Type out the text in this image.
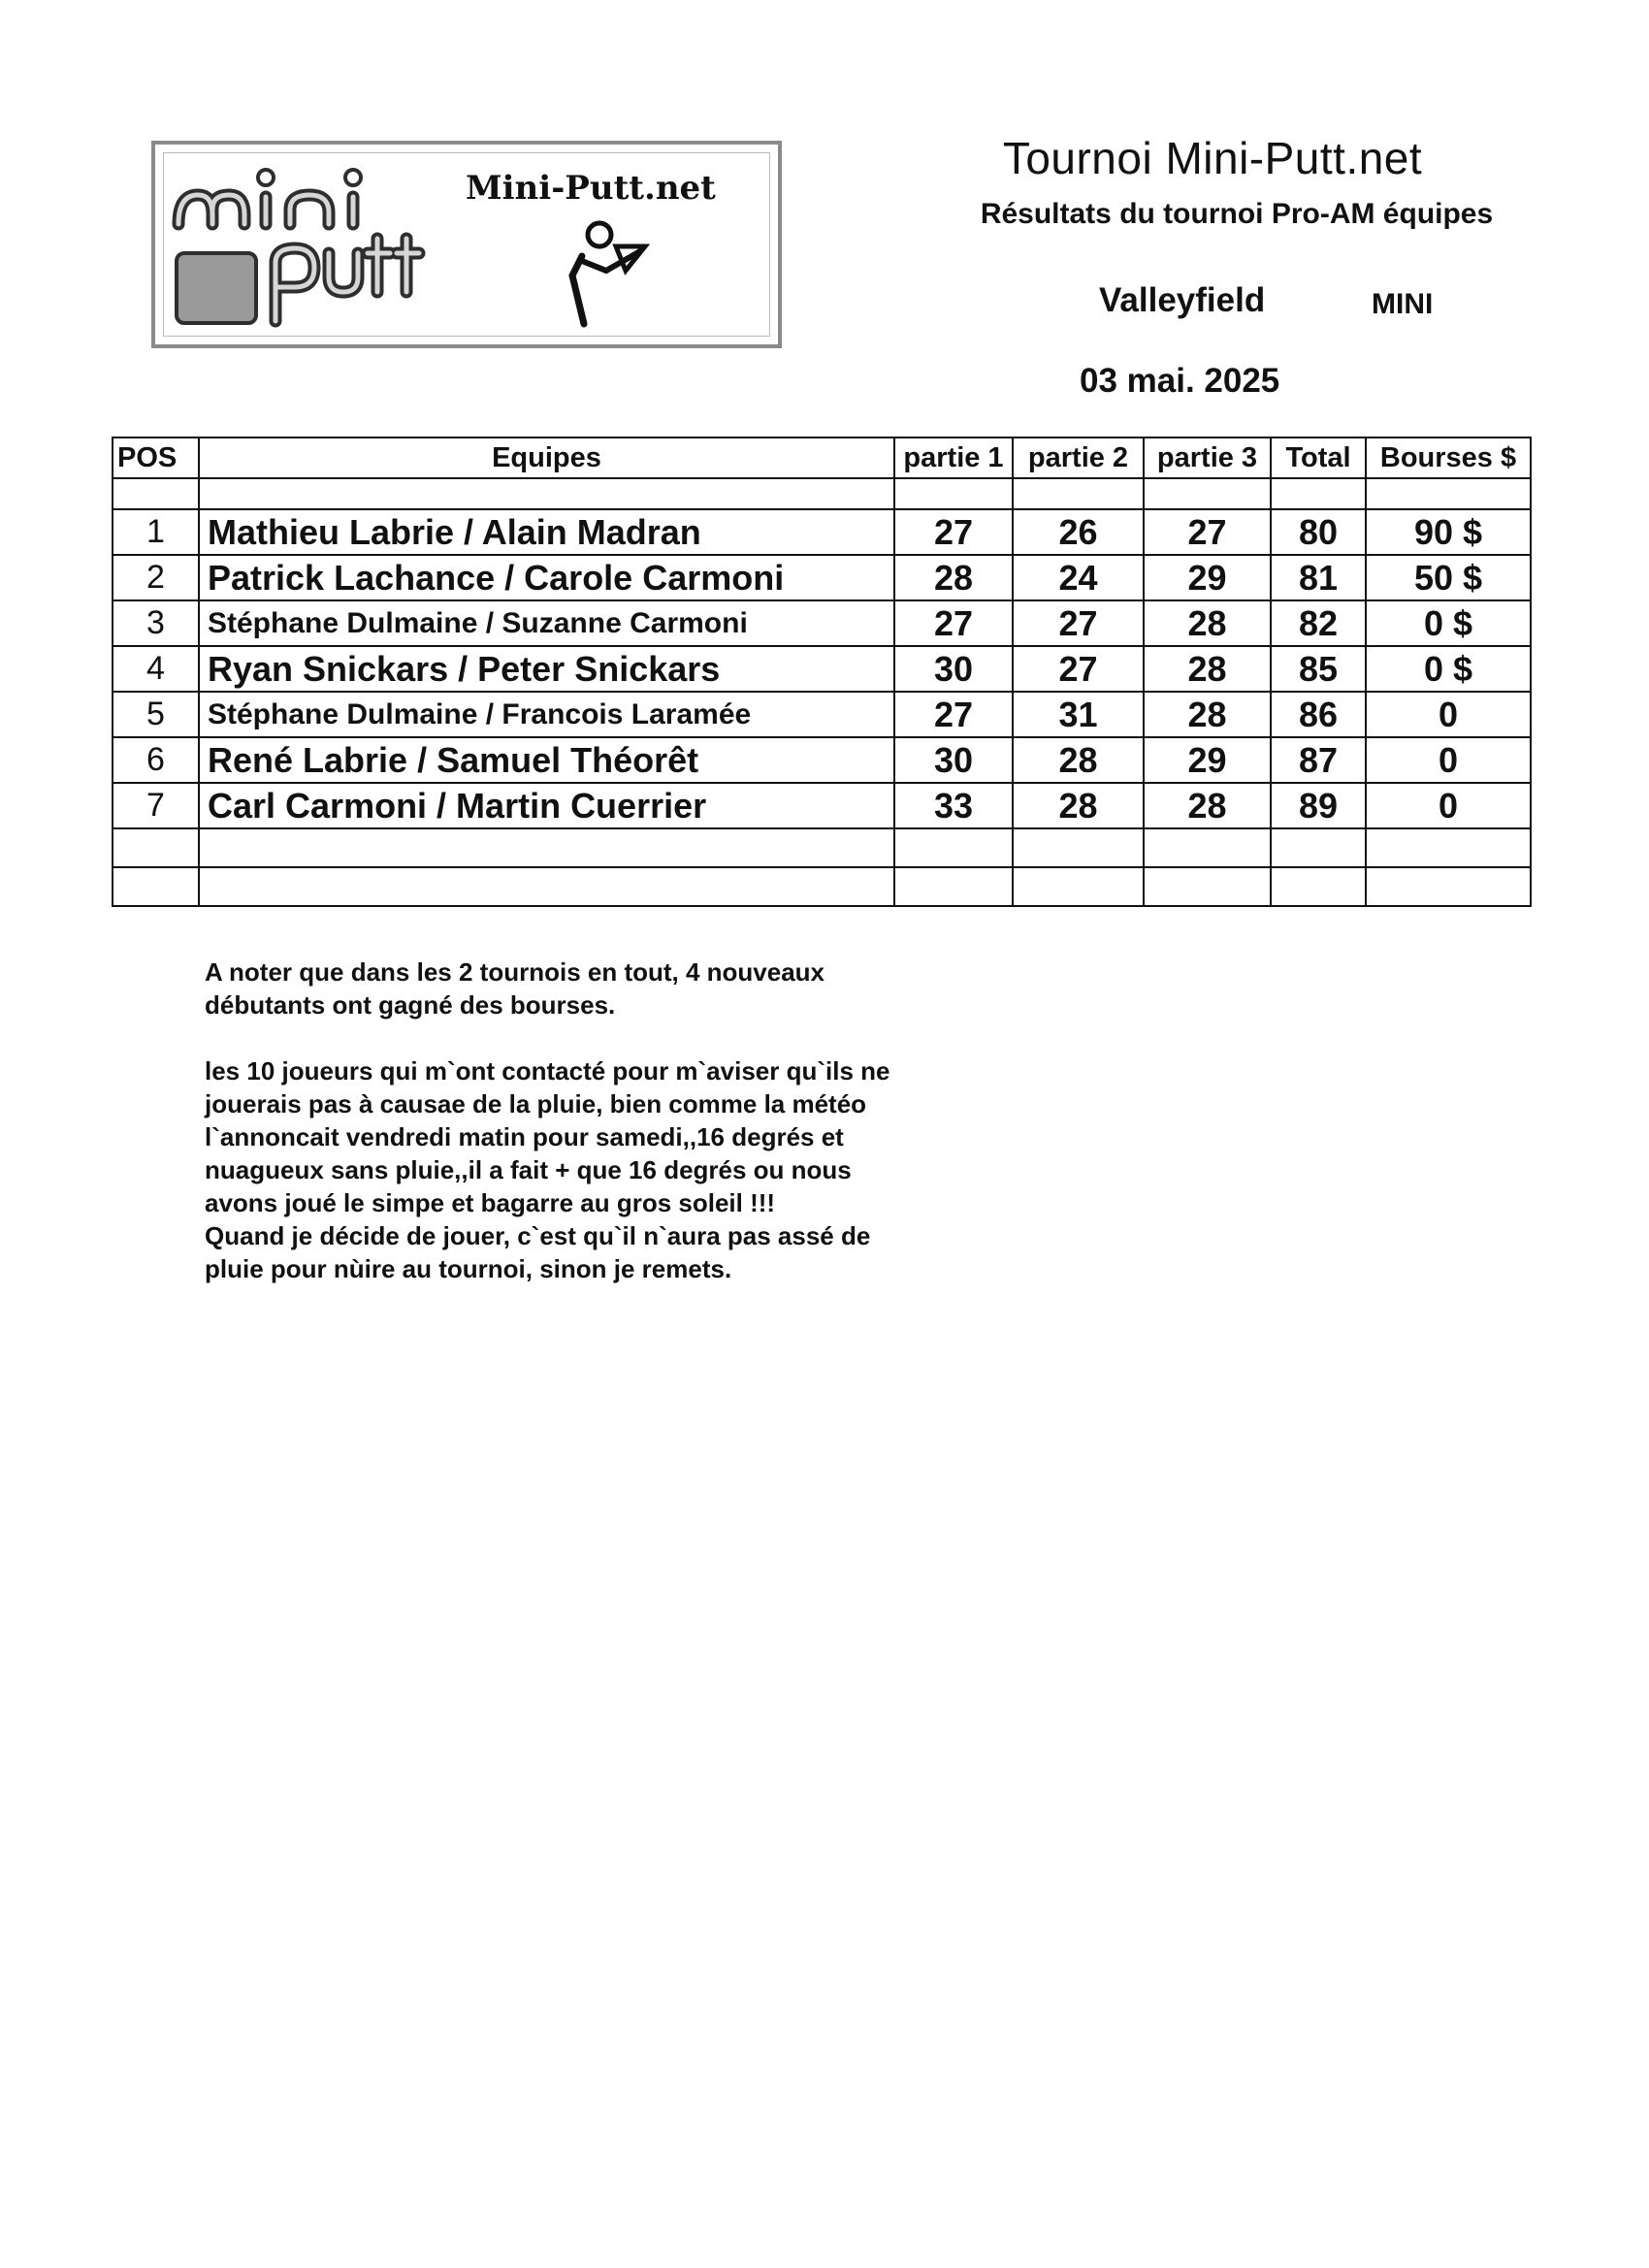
Mini-Putt.net
Tournoi Mini-Putt.net
Résultats du tournoi Pro-AM équipes
Valleyfield	MINI
03 mai. 2025
POS	Equipes	partie 1	partie 2	partie 3	Total	Bourses $

1	Mathieu Labrie / Alain Madran	27	26	27	80	90 $
2	Patrick Lachance / Carole Carmoni	28	24	29	81	50 $
3	Stéphane Dulmaine / Suzanne Carmoni	27	27	28	82	0 $
4	Ryan Snickars / Peter Snickars	30	27	28	85	0 $
5	Stéphane Dulmaine / Francois Laramée	27	31	28	86	0
6	René Labrie / Samuel Théorêt	30	28	29	87	0
7	Carl Carmoni / Martin Cuerrier	33	28	28	89	0

A noter que dans les 2 tournois en tout, 4 nouveaux
débutants ont gagné des bourses.

les 10 joueurs qui m`ont contacté pour m`aviser qu`ils ne
jouerais pas à causae de la pluie, bien comme la météo
l`annoncait vendredi matin pour samedi,,16 degrés et
nuagueux sans pluie,,il a fait + que 16 degrés ou nous
avons joué le simpe et bagarre au gros soleil !!!
Quand je décide de jouer, c`est qu`il n`aura pas assé de
pluie pour nùire au tournoi, sinon je remets.
